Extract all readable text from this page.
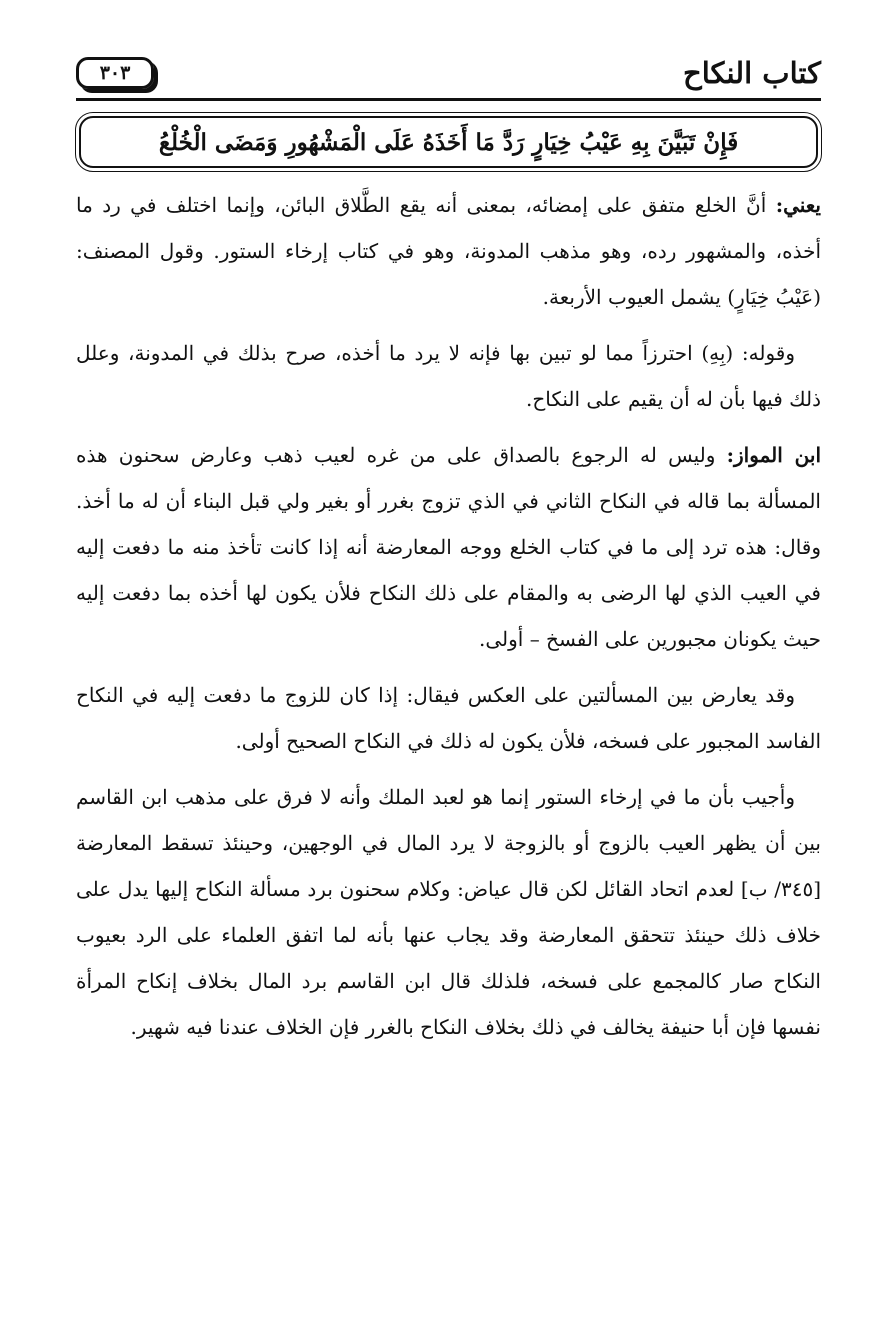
كتاب النكاح
٣٠٣
فَإِنْ تَبَيَّنَ بِهِ عَيْبُ خِيَارٍ رَدَّ مَا أَخَذَهُ عَلَى الْمَشْهُورِ وَمَضَى الْخُلْعُ

يعني: أنَّ الخلع متفق على إمضائه، بمعنى أنه يقع الطَّلاق البائن، وإنما اختلف في رد ما أخذه، والمشهور رده، وهو مذهب المدونة، وهو في كتاب إرخاء الستور. وقول المصنف: (عَيْبُ خِيَارٍ) يشمل العيوب الأربعة.

وقوله: (بِهِ) احترزاً مما لو تبين بها فإنه لا يرد ما أخذه، صرح بذلك في المدونة، وعلل ذلك فيها بأن له أن يقيم على النكاح.

ابن المواز: وليس له الرجوع بالصداق على من غره لعيب ذهب وعارض سحنون هذه المسألة بما قاله في النكاح الثاني في الذي تزوج بغرر أو بغير ولي قبل البناء أن له ما أخذ. وقال: هذه ترد إلى ما في كتاب الخلع ووجه المعارضة أنه إذا كانت تأخذ منه ما دفعت إليه في العيب الذي لها الرضى به والمقام على ذلك النكاح فلأن يكون لها أخذه بما دفعت إليه حيث يكونان مجبورين على الفسخ – أولى.

وقد يعارض بين المسألتين على العكس فيقال: إذا كان للزوج ما دفعت إليه في النكاح الفاسد المجبور على فسخه، فلأن يكون له ذلك في النكاح الصحيح أولى.

وأجيب بأن ما في إرخاء الستور إنما هو لعبد الملك وأنه لا فرق على مذهب ابن القاسم بين أن يظهر العيب بالزوج أو بالزوجة لا يرد المال في الوجهين، وحينئذ تسقط المعارضة [٣٤٥/ ب] لعدم اتحاد القائل لكن قال عياض: وكلام سحنون برد مسألة النكاح إليها يدل على خلاف ذلك حينئذ تتحقق المعارضة وقد يجاب عنها بأنه لما اتفق العلماء على الرد بعيوب النكاح صار كالمجمع على فسخه، فلذلك قال ابن القاسم برد المال بخلاف إنكاح المرأة نفسها فإن أبا حنيفة يخالف في ذلك بخلاف النكاح بالغرر فإن الخلاف عندنا فيه شهير.
